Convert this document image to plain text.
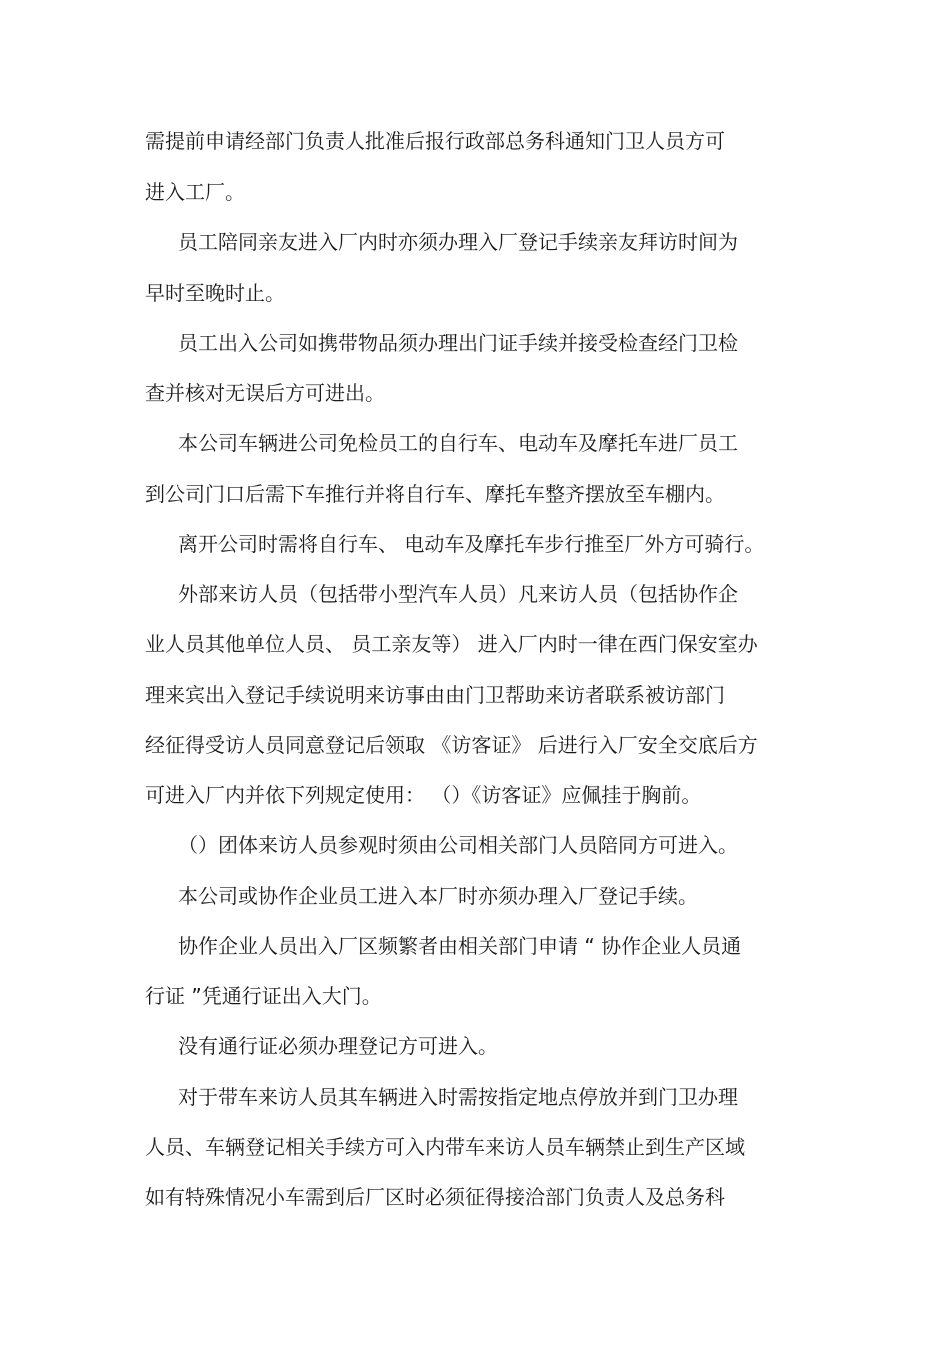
需提前申请经部门负责人批准后报行政部总务科通知门卫人员方可
进入工厂。
员工陪同亲友进入厂内时亦须办理入厂登记手续亲友拜访时间为
早时至晚时止。
员工出入公司如携带物品须办理出门证手续并接受检查经门卫检
查并核对无误后方可进出。
本公司车辆进公司免检员工的自行车、电动车及摩托车进厂员工
到公司门口后需下车推行并将自行车、摩托车整齐摆放至车棚内。
离开公司时需将自行车、 电动车及摩托车步行推至厂外方可骑行。
外部来访人员（包括带小型汽车人员）凡来访人员（包括协作企
业人员其他单位人员、 员工亲友等） 进入厂内时一律在西门保安室办
理来宾出入登记手续说明来访事由由门卫帮助来访者联系被访部门
经征得受访人员同意登记后领取 《访客证》 后进行入厂安全交底后方
可进入厂内并依下列规定使用： （）《访客证》应佩挂于胸前。
（）团体来访人员参观时须由公司相关部门人员陪同方可进入。
本公司或协作企业员工进入本厂时亦须办理入厂登记手续。
协作企业人员出入厂区频繁者由相关部门申请 “ 协作企业人员通
行证 ”凭通行证出入大门。
没有通行证必须办理登记方可进入。
对于带车来访人员其车辆进入时需按指定地点停放并到门卫办理
人员、车辆登记相关手续方可入内带车来访人员车辆禁止到生产区域
如有特殊情况小车需到后厂区时必须征得接洽部门负责人及总务科
